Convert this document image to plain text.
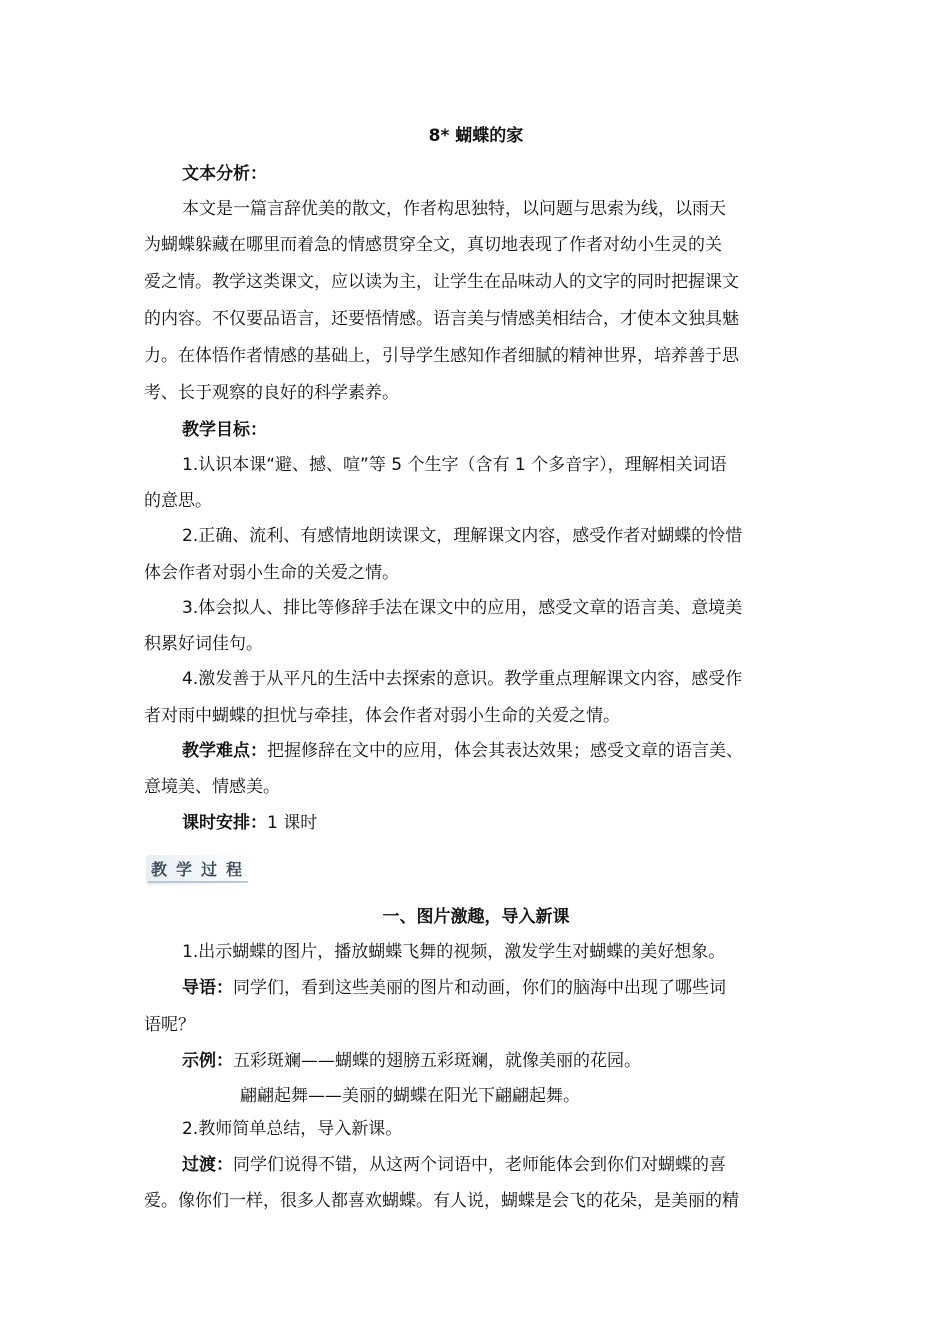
8* 蝴蝶的家
文本分析：
本文是一篇言辞优美的散文，作者构思独特，以问题与思索为线，以雨天
为蝴蝶躲藏在哪里而着急的情感贯穿全文，真切地表现了作者对幼小生灵的关
爱之情。教学这类课文，应以读为主，让学生在品味动人的文字的同时把握课文
的内容。不仅要品语言，还要悟情感。语言美与情感美相结合，才使本文独具魅
力。在体悟作者情感的基础上，引导学生感知作者细腻的精神世界，培养善于思
考、长于观察的良好的科学素养。
教学目标：
1.认识本课“避、撼、喧”等 5 个生字（含有 1 个多音字），理解相关词语
的意思。
2.正确、流利、有感情地朗读课文，理解课文内容，感受作者对蝴蝶的怜惜
体会作者对弱小生命的关爱之情。
3.体会拟人、排比等修辞手法在课文中的应用，感受文章的语言美、意境美
积累好词佳句。
4.激发善于从平凡的生活中去探索的意识。教学重点理解课文内容，感受作
者对雨中蝴蝶的担忧与牵挂，体会作者对弱小生命的关爱之情。
教学难点：把握修辞在文中的应用，体会其表达效果；感受文章的语言美、
意境美、情感美。
课时安排：1 课时
教学过程
一、图片激趣，导入新课
1.出示蝴蝶的图片，播放蝴蝶飞舞的视频，激发学生对蝴蝶的美好想象。
导语：同学们，看到这些美丽的图片和动画，你们的脑海中出现了哪些词
语呢？
示例：五彩斑斓——蝴蝶的翅膀五彩斑斓，就像美丽的花园。
翩翩起舞——美丽的蝴蝶在阳光下翩翩起舞。
2.教师简单总结，导入新课。
过渡：同学们说得不错，从这两个词语中，老师能体会到你们对蝴蝶的喜
爱。像你们一样，很多人都喜欢蝴蝶。有人说，蝴蝶是会飞的花朵，是美丽的精
